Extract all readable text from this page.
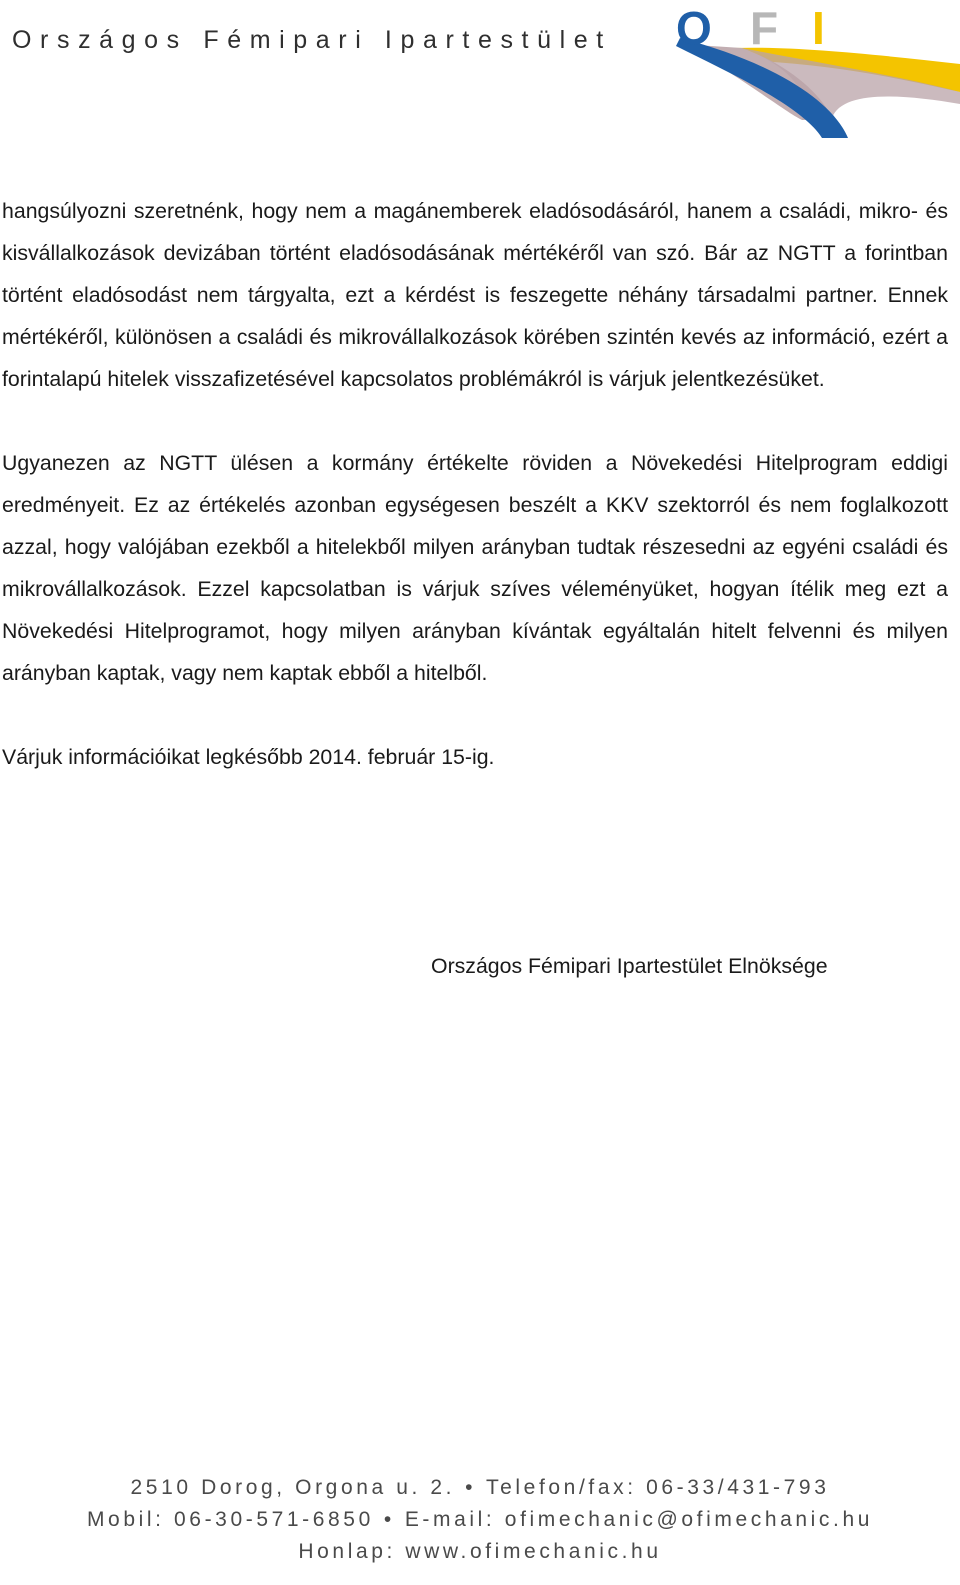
Országos Fémipari Ipartestület O F I

hangsúlyozni szeretnénk, hogy nem a magánemberek eladósodásáról, hanem a családi, mikro- és kisvállalkozások devizában történt eladósodásának mértékéről van szó. Bár az NGTT a forintban történt eladósodást nem tárgyalta, ezt a kérdést is feszegette néhány társadalmi partner. Ennek mértékéről, különösen a családi és mikrovállalkozások körében szintén kevés az információ, ezért a forintalapú hitelek visszafizetésével kapcsolatos problémákról is várjuk jelentkezésüket.

Ugyanezen az NGTT ülésen a kormány értékelte röviden a Növekedési Hitelprogram eddigi eredményeit. Ez az értékelés azonban egységesen beszélt a KKV szektorról és nem foglalkozott azzal, hogy valójában ezekből a hitelekből milyen arányban tudtak részesedni az egyéni családi és mikrovállalkozások. Ezzel kapcsolatban is várjuk szíves véleményüket, hogyan ítélik meg ezt a Növekedési Hitelprogramot, hogy milyen arányban kívántak egyáltalán hitelt felvenni és milyen arányban kaptak, vagy nem kaptak ebből a hitelből.

Várjuk információikat legkésőbb 2014. február 15-ig.

Országos Fémipari Ipartestület Elnöksége
2510 Dorog, Orgona u. 2. • Telefon/fax: 06-33/431-793
Mobil: 06-30-571-6850 • E-mail: ofimechanic@ofimechanic.hu
Honlap: www.ofimechanic.hu
